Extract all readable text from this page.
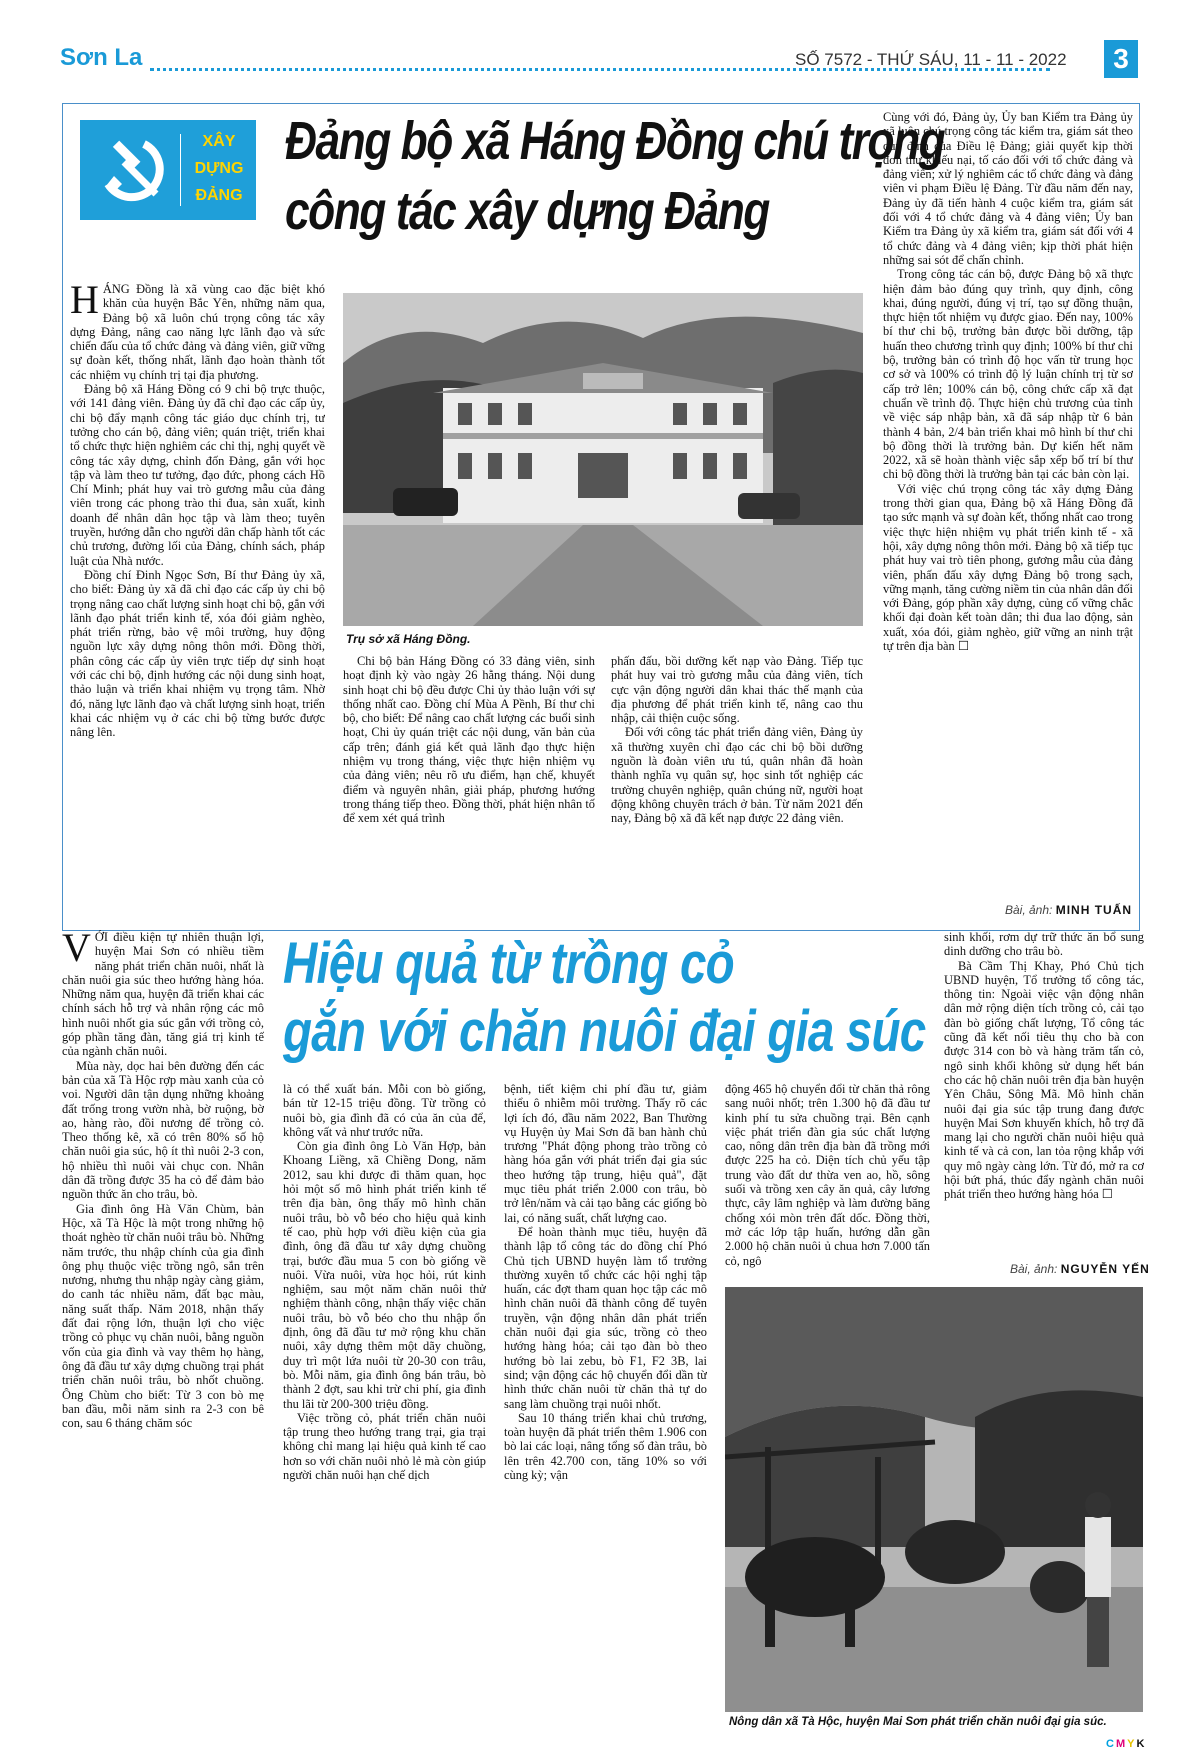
Sơn La	SỐ 7572 - THỨ SÁU, 11 - 11 - 2022	3
XÂY
DỰNG
ĐẢNG
Đảng bộ xã Háng Đồng chú trọng
công tác xây dựng Đảng

HÁNG Đồng là xã vùng cao đặc biệt khó khăn của huyện Bắc Yên, những năm qua, Đảng bộ xã luôn chú trọng công tác xây dựng Đảng, nâng cao năng lực lãnh đạo và sức chiến đấu của tổ chức đảng và đảng viên, giữ vững sự đoàn kết, thống nhất, lãnh đạo hoàn thành tốt các nhiệm vụ chính trị tại địa phương.

Đảng bộ xã Háng Đồng có 9 chi bộ trực thuộc, với 141 đảng viên. Đảng ủy đã chỉ đạo các cấp ủy, chi bộ đẩy mạnh công tác giáo dục chính trị, tư tưởng cho cán bộ, đảng viên; quán triệt, triển khai tổ chức thực hiện nghiêm các chỉ thị, nghị quyết về công tác xây dựng, chỉnh đốn Đảng, gắn với học tập và làm theo tư tưởng, đạo đức, phong cách Hồ Chí Minh; phát huy vai trò gương mẫu của đảng viên trong các phong trào thi đua, sản xuất, kinh doanh để nhân dân học tập và làm theo; tuyên truyền, hướng dẫn cho người dân chấp hành tốt các chủ trương, đường lối của Đảng, chính sách, pháp luật của Nhà nước.

Đồng chí Đinh Ngọc Sơn, Bí thư Đảng ủy xã, cho biết: Đảng ủy xã đã chỉ đạo các cấp ủy chi bộ trọng nâng cao chất lượng sinh hoạt chi bộ, gắn với lãnh đạo phát triển kinh tế, xóa đói giảm nghèo, phát triển rừng, bảo vệ môi trường, huy động nguồn lực xây dựng nông thôn mới. Đồng thời, phân công các cấp ủy viên trực tiếp dự sinh hoạt với các chi bộ, định hướng các nội dung sinh hoạt, thảo luận và triển khai nhiệm vụ trọng tâm. Nhờ đó, năng lực lãnh đạo và chất lượng sinh hoạt, triển khai các nhiệm vụ ở các chi bộ từng bước được nâng lên.

Trụ sở xã Háng Đồng.

Chi bộ bản Háng Đồng có 33 đảng viên, sinh hoạt định kỳ vào ngày 26 hằng tháng. Nội dung sinh hoạt chi bộ đều được Chi ủy thảo luận với sự thống nhất cao. Đồng chí Mùa A Pềnh, Bí thư chi bộ, cho biết: Để nâng cao chất lượng các buổi sinh hoạt, Chi ủy quán triệt các nội dung, văn bản của cấp trên; đánh giá kết quả lãnh đạo thực hiện nhiệm vụ trong tháng, việc thực hiện nhiệm vụ của đảng viên; nêu rõ ưu điểm, hạn chế, khuyết điểm và nguyên nhân, giải pháp, phương hướng trong tháng tiếp theo. Đồng thời, phát hiện nhân tố để xem xét quá trình

phấn đấu, bồi dưỡng kết nạp vào Đảng. Tiếp tục phát huy vai trò gương mẫu của đảng viên, tích cực vận động người dân khai thác thế mạnh của địa phương để phát triển kinh tế, nâng cao thu nhập, cải thiện cuộc sống.

Đối với công tác phát triển đảng viên, Đảng ủy xã thường xuyên chỉ đạo các chi bộ bồi dưỡng nguồn là đoàn viên ưu tú, quân nhân đã hoàn thành nghĩa vụ quân sự, học sinh tốt nghiệp các trường chuyên nghiệp, quân chúng nữ, người hoạt động không chuyên trách ở bản. Từ năm 2021 đến nay, Đảng bộ xã đã kết nạp được 22 đảng viên.

Cùng với đó, Đảng ủy, Ủy ban Kiểm tra Đảng ủy xã luôn chú trọng công tác kiểm tra, giám sát theo quy định của Điều lệ Đảng; giải quyết kịp thời đơn thư khiếu nại, tố cáo đối với tổ chức đảng và đảng viên; xử lý nghiêm các tổ chức đảng và đảng viên vi phạm Điều lệ Đảng. Từ đầu năm đến nay, Đảng ủy đã tiến hành 4 cuộc kiểm tra, giám sát đối với 4 tổ chức đảng và 4 đảng viên; Ủy ban Kiểm tra Đảng ủy xã kiểm tra, giám sát đối với 4 tổ chức đảng và 4 đảng viên; kịp thời phát hiện những sai sót để chấn chỉnh.

Trong công tác cán bộ, được Đảng bộ xã thực hiện đảm bảo đúng quy trình, quy định, công khai, đúng người, đúng vị trí, tạo sự đồng thuận, thực hiện tốt nhiệm vụ được giao. Đến nay, 100% bí thư chi bộ, trưởng bản được bồi dưỡng, tập huấn theo chương trình quy định; 100% bí thư chi bộ, trưởng bản có trình độ học vấn từ trung học cơ sở và 100% có trình độ lý luận chính trị từ sơ cấp trở lên; 100% cán bộ, công chức cấp xã đạt chuẩn về trình độ. Thực hiện chủ trương của tỉnh về việc sáp nhập bản, xã đã sáp nhập từ 6 bản thành 4 bản, 2/4 bản triển khai mô hình bí thư chi bộ đồng thời là trưởng bản. Dự kiến hết năm 2022, xã sẽ hoàn thành việc sắp xếp bố trí bí thư chi bộ đồng thời là trưởng bản tại các bản còn lại.

Với việc chú trọng công tác xây dựng Đảng trong thời gian qua, Đảng bộ xã Háng Đồng đã tạo sức mạnh và sự đoàn kết, thống nhất cao trong việc thực hiện nhiệm vụ phát triển kinh tế - xã hội, xây dựng nông thôn mới. Đảng bộ xã tiếp tục phát huy vai trò tiên phong, gương mẫu của đảng viên, phấn đấu xây dựng Đảng bộ trong sạch, vững mạnh, tăng cường niềm tin của nhân dân đối với Đảng, góp phần xây dựng, củng cố vững chắc khối đại đoàn kết toàn dân; thi đua lao động, sản xuất, xóa đói, giảm nghèo, giữ vững an ninh trật tự trên địa bàn ☐

Bài, ảnh: MINH TUẤN

VỚI điều kiện tự nhiên thuận lợi, huyện Mai Sơn có nhiều tiềm năng phát triển chăn nuôi, nhất là chăn nuôi gia súc theo hướng hàng hóa. Những năm qua, huyện đã triển khai các chính sách hỗ trợ và nhân rộng các mô hình nuôi nhốt gia súc gắn với trồng cỏ, góp phần tăng đàn, tăng giá trị kinh tế của ngành chăn nuôi.

Mùa này, dọc hai bên đường đến các bản của xã Tà Hộc rợp màu xanh của cỏ voi. Người dân tận dụng những khoảng đất trống trong vườn nhà, bờ ruộng, bờ ao, hàng rào, đồi nương để trồng cỏ. Theo thống kê, xã có trên 80% số hộ chăn nuôi gia súc, hộ ít thì nuôi 2-3 con, hộ nhiều thì nuôi vài chục con. Nhân dân đã trồng được 35 ha cỏ để đảm bảo nguồn thức ăn cho trâu, bò.

Gia đình ông Hà Văn Chùm, bản Hộc, xã Tà Hộc là một trong những hộ thoát nghèo từ chăn nuôi trâu bò. Những năm trước, thu nhập chính của gia đình ông phụ thuộc việc trồng ngô, sắn trên nương, nhưng thu nhập ngày càng giảm, do canh tác nhiều năm, đất bạc màu, năng suất thấp. Năm 2018, nhận thấy đất đai rộng lớn, thuận lợi cho việc trồng cỏ phục vụ chăn nuôi, bằng nguồn vốn của gia đình và vay thêm họ hàng, ông đã đầu tư xây dựng chuồng trại phát triển chăn nuôi trâu, bò nhốt chuồng. Ông Chùm cho biết: Từ 3 con bò mẹ ban đầu, mỗi năm sinh ra 2-3 con bê con, sau 6 tháng chăm sóc

Hiệu quả từ trồng cỏ
gắn với chăn nuôi đại gia súc

là có thể xuất bán. Mỗi con bò giống, bán từ 12-15 triệu đồng. Từ trồng cỏ nuôi bò, gia đình đã có của ăn của để, không vất vả như trước nữa.

Còn gia đình ông Lò Văn Hợp, bản Khoang Liềng, xã Chiềng Dong, năm 2012, sau khi được đi thăm quan, học hỏi một số mô hình phát triển kinh tế trên địa bàn, ông thấy mô hình chăn nuôi trâu, bò vỗ béo cho hiệu quả kinh tế cao, phù hợp với điều kiện của gia đình, ông đã đầu tư xây dựng chuồng trại, bước đầu mua 5 con bò giống về nuôi. Vừa nuôi, vừa học hỏi, rút kinh nghiệm, sau một năm chăn nuôi thử nghiệm thành công, nhận thấy việc chăn nuôi trâu, bò vỗ béo cho thu nhập ổn định, ông đã đầu tư mở rộng khu chăn nuôi, xây dựng thêm một dãy chuồng, duy trì một lứa nuôi từ 20-30 con trâu, bò. Mỗi năm, gia đình ông bán trâu, bò thành 2 đợt, sau khi trừ chi phí, gia đình thu lãi từ 200-300 triệu đồng.

Việc trồng cỏ, phát triển chăn nuôi tập trung theo hướng trang trại, gia trại không chỉ mang lại hiệu quả kinh tế cao hơn so với chăn nuôi nhỏ lẻ mà còn giúp người chăn nuôi hạn chế dịch

bệnh, tiết kiệm chi phí đầu tư, giảm thiểu ô nhiễm môi trường. Thấy rõ các lợi ích đó, đầu năm 2022, Ban Thường vụ Huyện ủy Mai Sơn đã ban hành chủ trương "Phát động phong trào trồng cỏ hàng hóa gắn với phát triển đại gia súc theo hướng tập trung, hiệu quả", đặt mục tiêu phát triển 2.000 con trâu, bò trở lên/năm và cải tạo bằng các giống bò lai, có năng suất, chất lượng cao.

Để hoàn thành mục tiêu, huyện đã thành lập tổ công tác do đồng chí Phó Chủ tịch UBND huyện làm tổ trưởng thường xuyên tổ chức các hội nghị tập huấn, các đợt tham quan học tập các mô hình chăn nuôi đã thành công để tuyên truyền, vận động nhân dân phát triển chăn nuôi đại gia súc, trồng cỏ theo hướng hàng hóa; cải tạo đàn bò theo hướng bò lai zebu, bò F1, F2 3B, lai sind; vận động các hộ chuyển đổi dần từ hình thức chăn nuôi từ chăn thả tự do sang làm chuồng trại nuôi nhốt.

Sau 10 tháng triển khai chủ trương, toàn huyện đã phát triển thêm 1.906 con bò lai các loại, nâng tổng số đàn trâu, bò lên trên 42.700 con, tăng 10% so với cùng kỳ; vận

động 465 hộ chuyển đổi từ chăn thả rông sang nuôi nhốt; trên 1.300 hộ đã đầu tư kinh phí tu sửa chuồng trại. Bên cạnh việc phát triển đàn gia súc chất lượng cao, nông dân trên địa bàn đã trồng mới được 225 ha cỏ. Diện tích chủ yếu tập trung vào đất dư thừa ven ao, hồ, sông suối và trồng xen cây ăn quả, cây lương thực, cây lâm nghiệp và làm đường băng chống xói mòn trên đất dốc. Đồng thời, mở các lớp tập huấn, hướng dẫn gần 2.000 hộ chăn nuôi ủ chua hơn 7.000 tấn cỏ, ngô

sinh khối, rơm dự trữ thức ăn bổ sung dinh dưỡng cho trâu bò.

Bà Cầm Thị Khay, Phó Chủ tịch UBND huyện, Tổ trưởng tổ công tác, thông tin: Ngoài việc vận động nhân dân mở rộng diện tích trồng cỏ, cải tạo đàn bò giống chất lượng, Tổ công tác cũng đã kết nối tiêu thụ cho bà con được 314 con bò và hàng trăm tấn cỏ, ngô sinh khối không sử dụng hết bán cho các hộ chăn nuôi trên địa bàn huyện Yên Châu, Sông Mã. Mô hình chăn nuôi đại gia súc tập trung đang được huyện Mai Sơn khuyến khích, hỗ trợ đã mang lại cho người chăn nuôi hiệu quả kinh tế và cả con, lan tỏa rộng khắp với quy mô ngày càng lớn. Từ đó, mở ra cơ hội bứt phá, thúc đẩy ngành chăn nuôi phát triển theo hướng hàng hóa ☐

Bài, ảnh: NGUYỄN YẾN
Nông dân xã Tà Hộc, huyện Mai Sơn phát triển chăn nuôi đại gia súc.
CMYK
